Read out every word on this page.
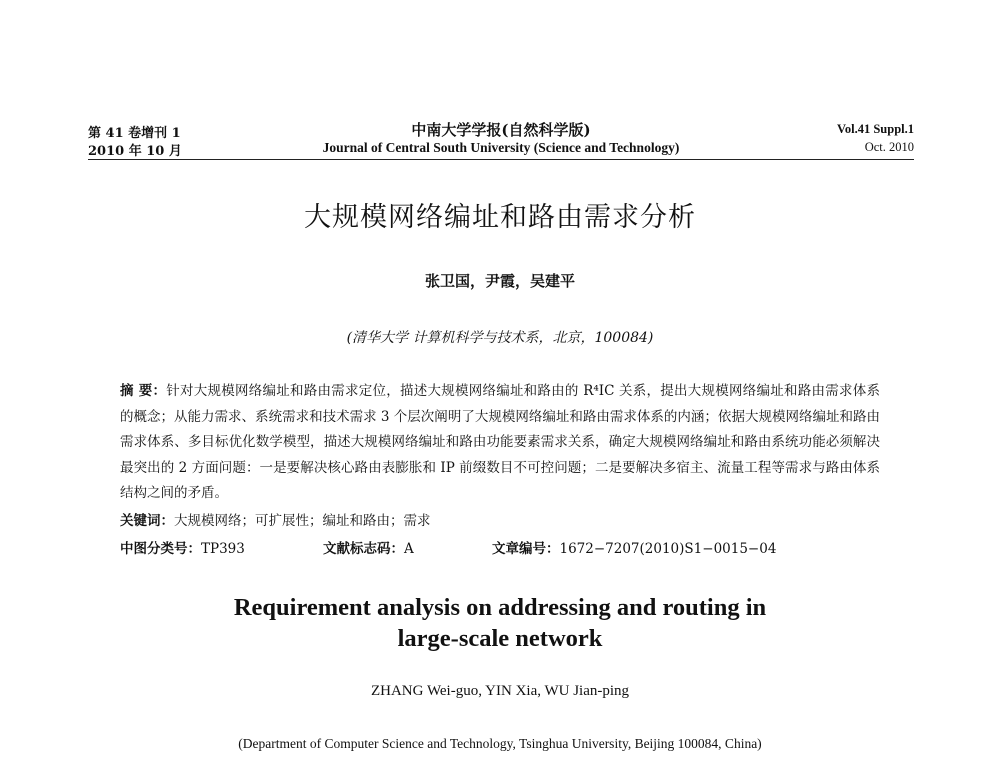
第 41 卷增刊 1
2010 年 10 月
中南大学学报(自然科学版)
Journal of Central South University (Science and Technology)
Vol.41 Suppl.1
Oct. 2010
大规模网络编址和路由需求分析
张卫国，尹霞，吴建平
(清华大学 计算机科学与技术系，北京，100084)
摘 要：针对大规模网络编址和路由需求定位，描述大规模网络编址和路由的 R⁴IC 关系，提出大规模网络编址和路由需求体系的概念；从能力需求、系统需求和技术需求 3 个层次阐明了大规模网络编址和路由需求体系的内涵；依据大规模网络编址和路由需求体系、多目标优化数学模型，描述大规模网络编址和路由功能要素需求关系，确定大规模网络编址和路由系统功能必须解决最突出的 2 方面问题：一是要解决核心路由表膨胀和 IP 前缀数目不可控问题；二是要解决多宿主、流量工程等需求与路由体系结构之间的矛盾。
关键词：大规模网络；可扩展性；编址和路由；需求
中图分类号：TP393	文献标志码：A	文章编号：1672−7207(2010)S1−0015−04
Requirement analysis on addressing and routing in
large-scale network
ZHANG Wei-guo, YIN Xia, WU Jian-ping
(Department of Computer Science and Technology, Tsinghua University, Beijing 100084, China)
